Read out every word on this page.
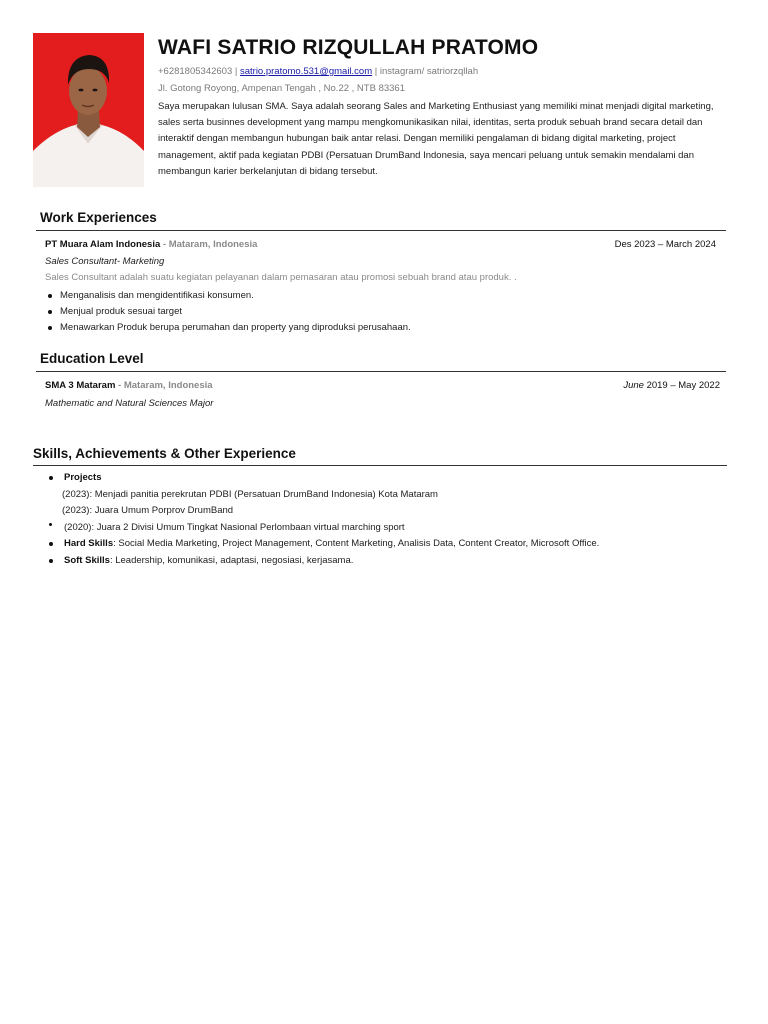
WAFI SATRIO RIZQULLAH PRATOMO
+6281805342603 | satrio.pratomo.531@gmail.com | instagram/ satriorzqllah
Jl. Gotong Royong, Ampenan Tengah , No.22 , NTB 83361
Saya merupakan lulusan SMA. Saya adalah seorang Sales and Marketing Enthusiast yang memiliki minat menjadi digital marketing, sales serta businnes development yang mampu mengkomunikasikan nilai, identitas, serta produk sebuah brand secara detail dan interaktif dengan membangun hubungan baik antar relasi. Dengan memiliki pengalaman di bidang digital marketing, project management, aktif pada kegiatan PDBI (Persatuan DrumBand Indonesia, saya mencari peluang untuk semakin mendalami dan membangun karier berkelanjutan di bidang tersebut.
Work Experiences
PT Muara Alam Indonesia - Mataram, Indonesia	Des 2023 – March 2024
Sales Consultant- Marketing
Sales Consultant adalah suatu kegiatan pelayanan dalam pemasaran atau promosi sebuah brand atau produk. .
Menganalisis dan mengidentifikasi konsumen.
Menjual produk sesuai target
Menawarkan Produk berupa perumahan dan property yang diproduksi perusahaan.
Education Level
SMA 3 Mataram - Mataram, Indonesia	June 2019 – May 2022
Mathematic and Natural Sciences Major
Skills, Achievements & Other Experience
Projects
(2023): Menjadi panitia perekrutan PDBI (Persatuan DrumBand Indonesia) Kota Mataram
(2023): Juara Umum Porprov DrumBand
(2020): Juara 2 Divisi Umum Tingkat Nasional Perlombaan virtual marching sport
Hard Skills: Social Media Marketing, Project Management, Content Marketing, Analisis Data, Content Creator, Microsoft Office.
Soft Skills: Leadership, komunikasi, adaptasi, negosiasi, kerjasama.
